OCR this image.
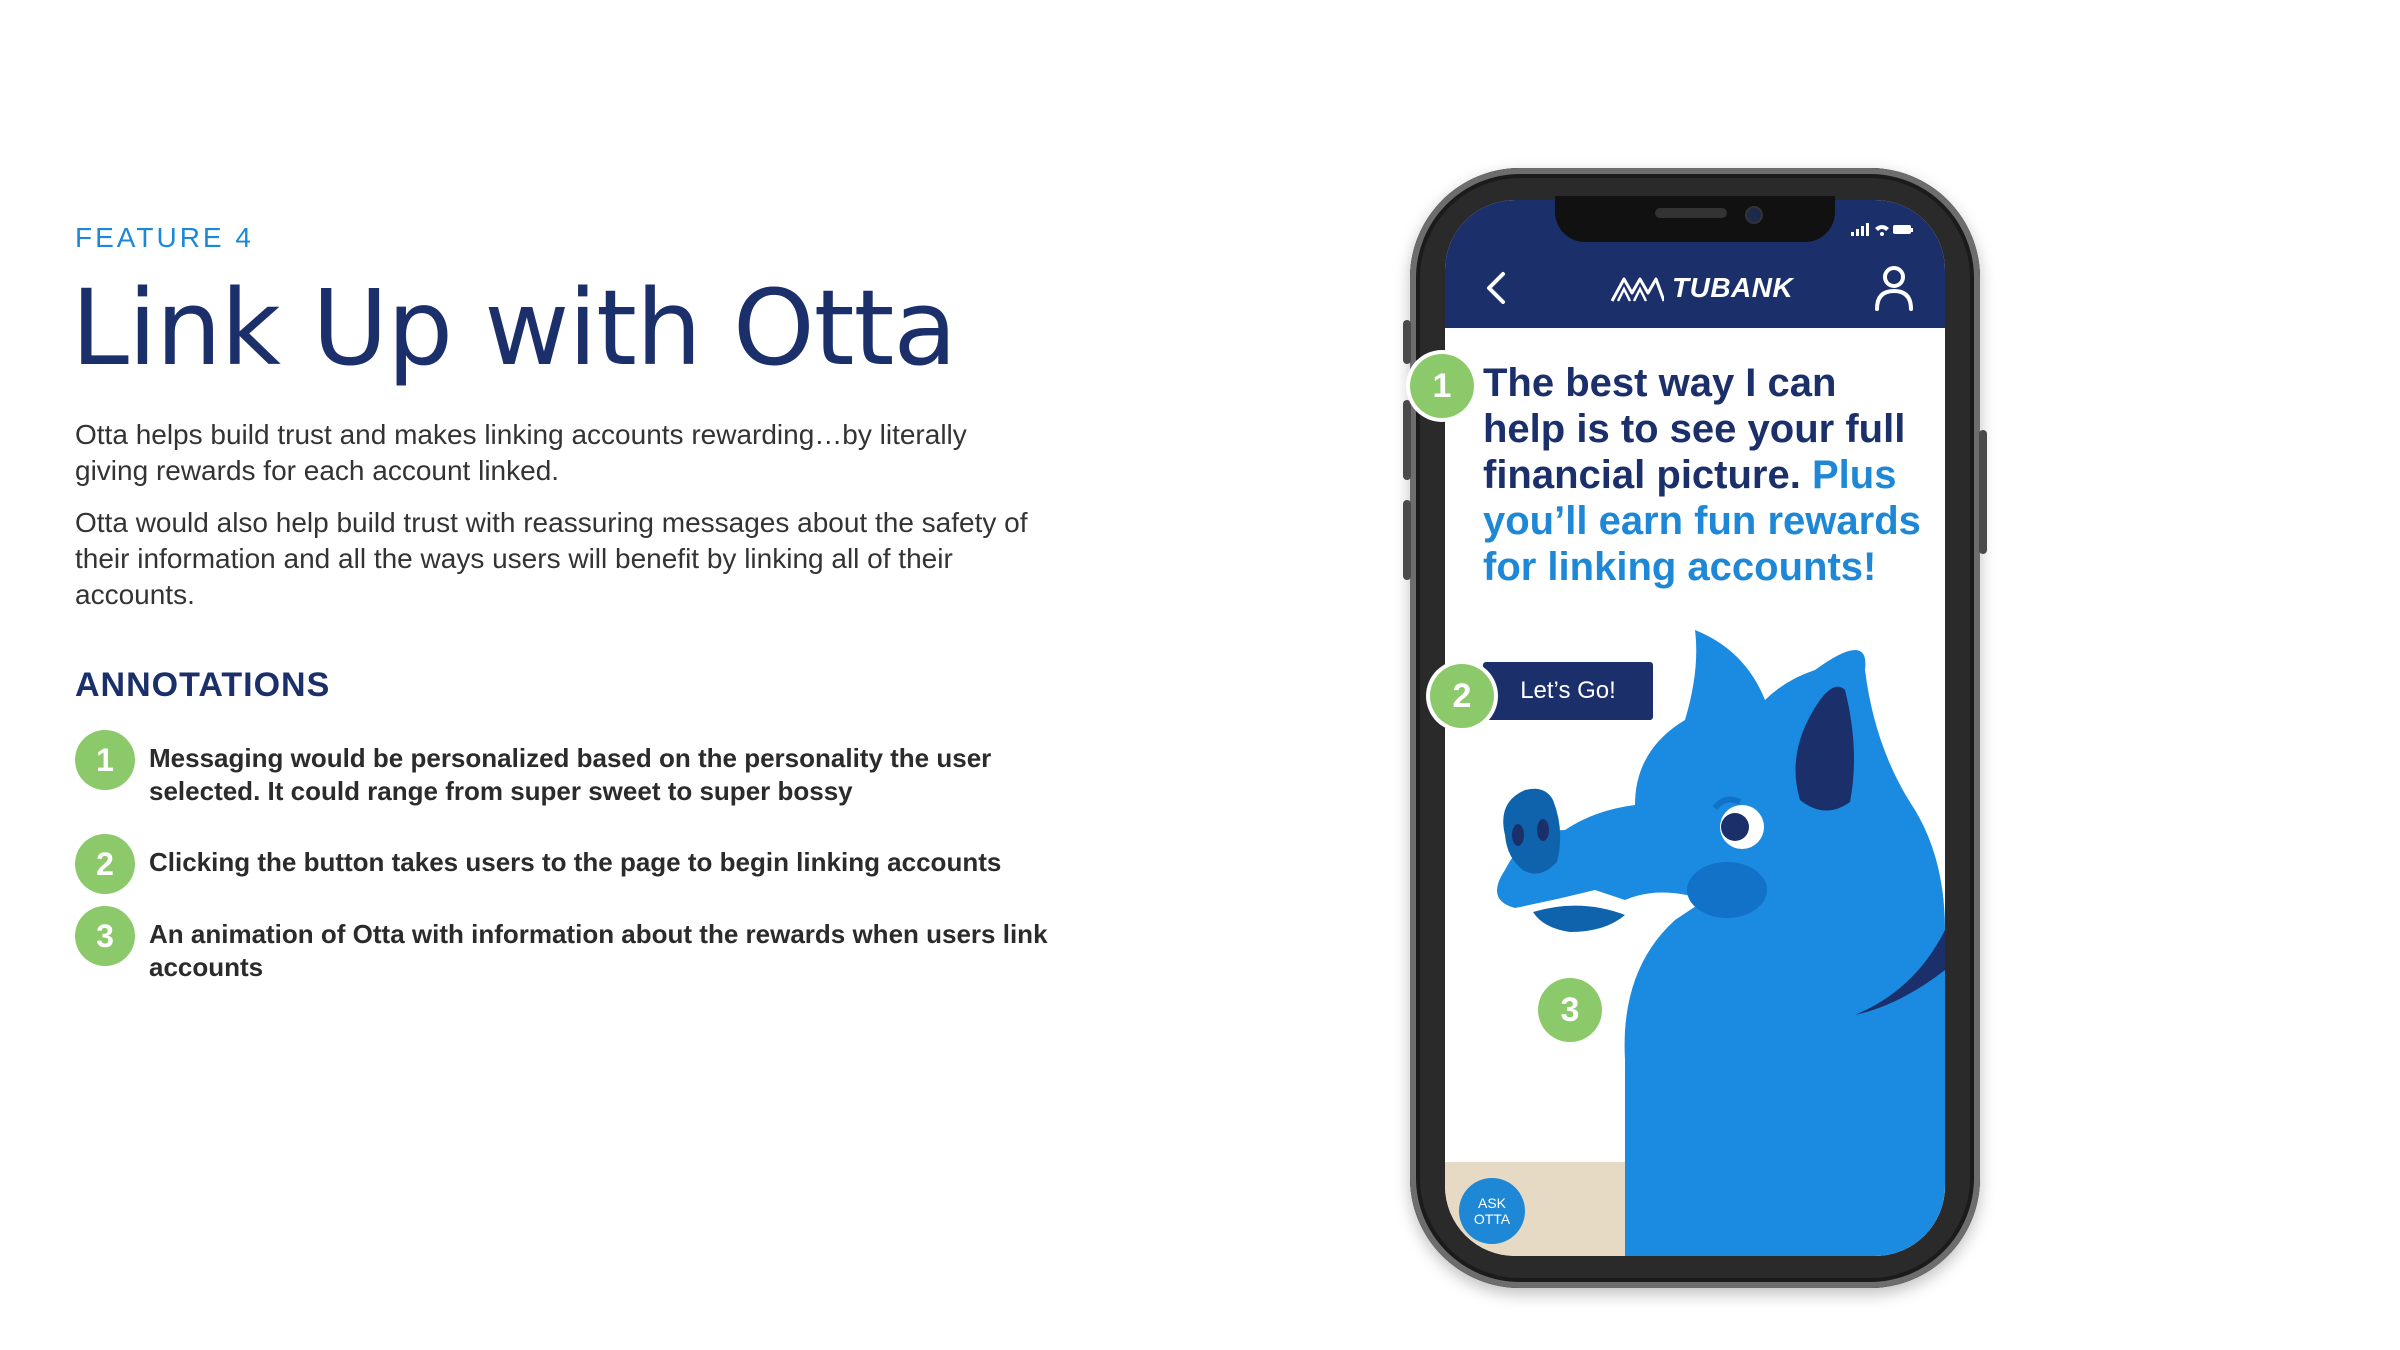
FEATURE 4
Link Up with Otta

Otta helps build trust and makes linking accounts rewarding…by literally giving rewards for each account linked.

Otta would also help build trust with reassuring messages about the safety of their information and all the ways users will benefit by linking all of their accounts.

ANNOTATIONS
1	Messaging would be personalized based on the personality the user selected. It could range from super sweet to super bossy
2	Clicking the button takes users to the page to begin linking accounts
3	An animation of Otta with information about the rewards when users link accounts
TUBANK

The best way I can help is to see your full financial picture. Plus you’ll earn fun rewards for linking accounts!

Let’s Go!
ASK
OTTA
1
2
3
